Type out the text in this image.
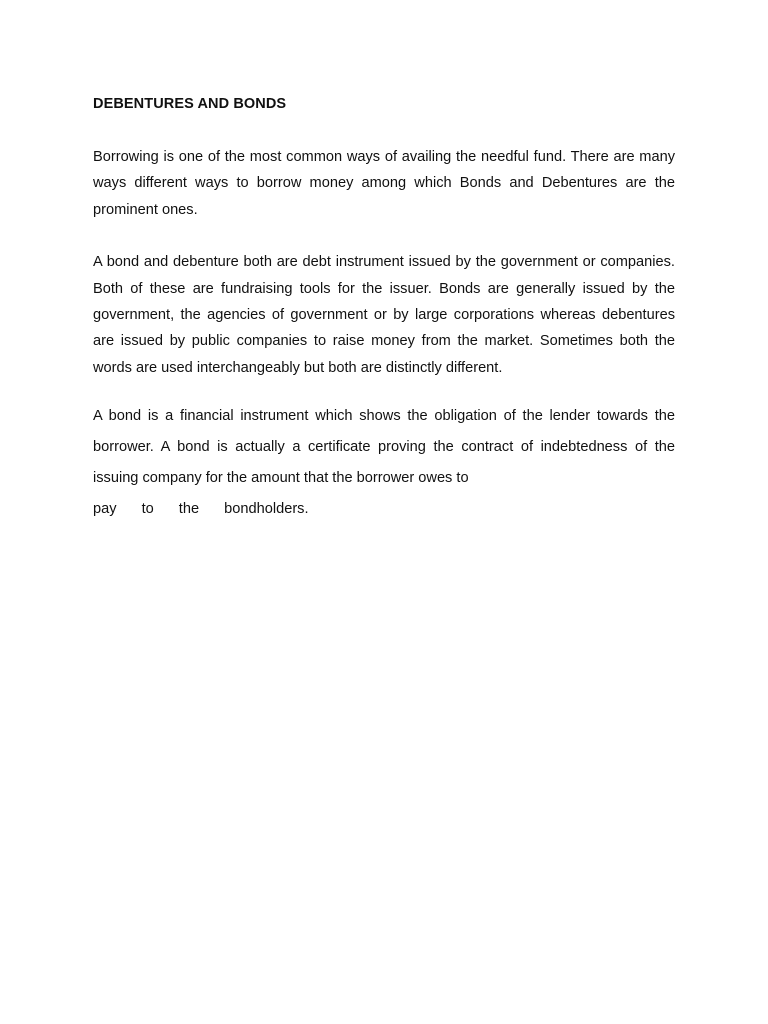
DEBENTURES AND BONDS

Borrowing is one of the most common ways of availing the needful fund. There are many ways different ways to borrow money among which Bonds and Debentures are the prominent ones.

A bond and debenture both are debt instrument issued by the government or companies. Both of these are fundraising tools for the issuer. Bonds are generally issued by the government, the agencies of government or by large corporations whereas debentures are issued by public companies to raise money from the market. Sometimes both the words are used interchangeably but both are distinctly different.

A bond is a financial instrument which shows the obligation of the lender towards the borrower. A bond is actually a certificate proving the contract of indebtedness of the issuing company for the amount that the borrower owes to
pay to the bondholders.
